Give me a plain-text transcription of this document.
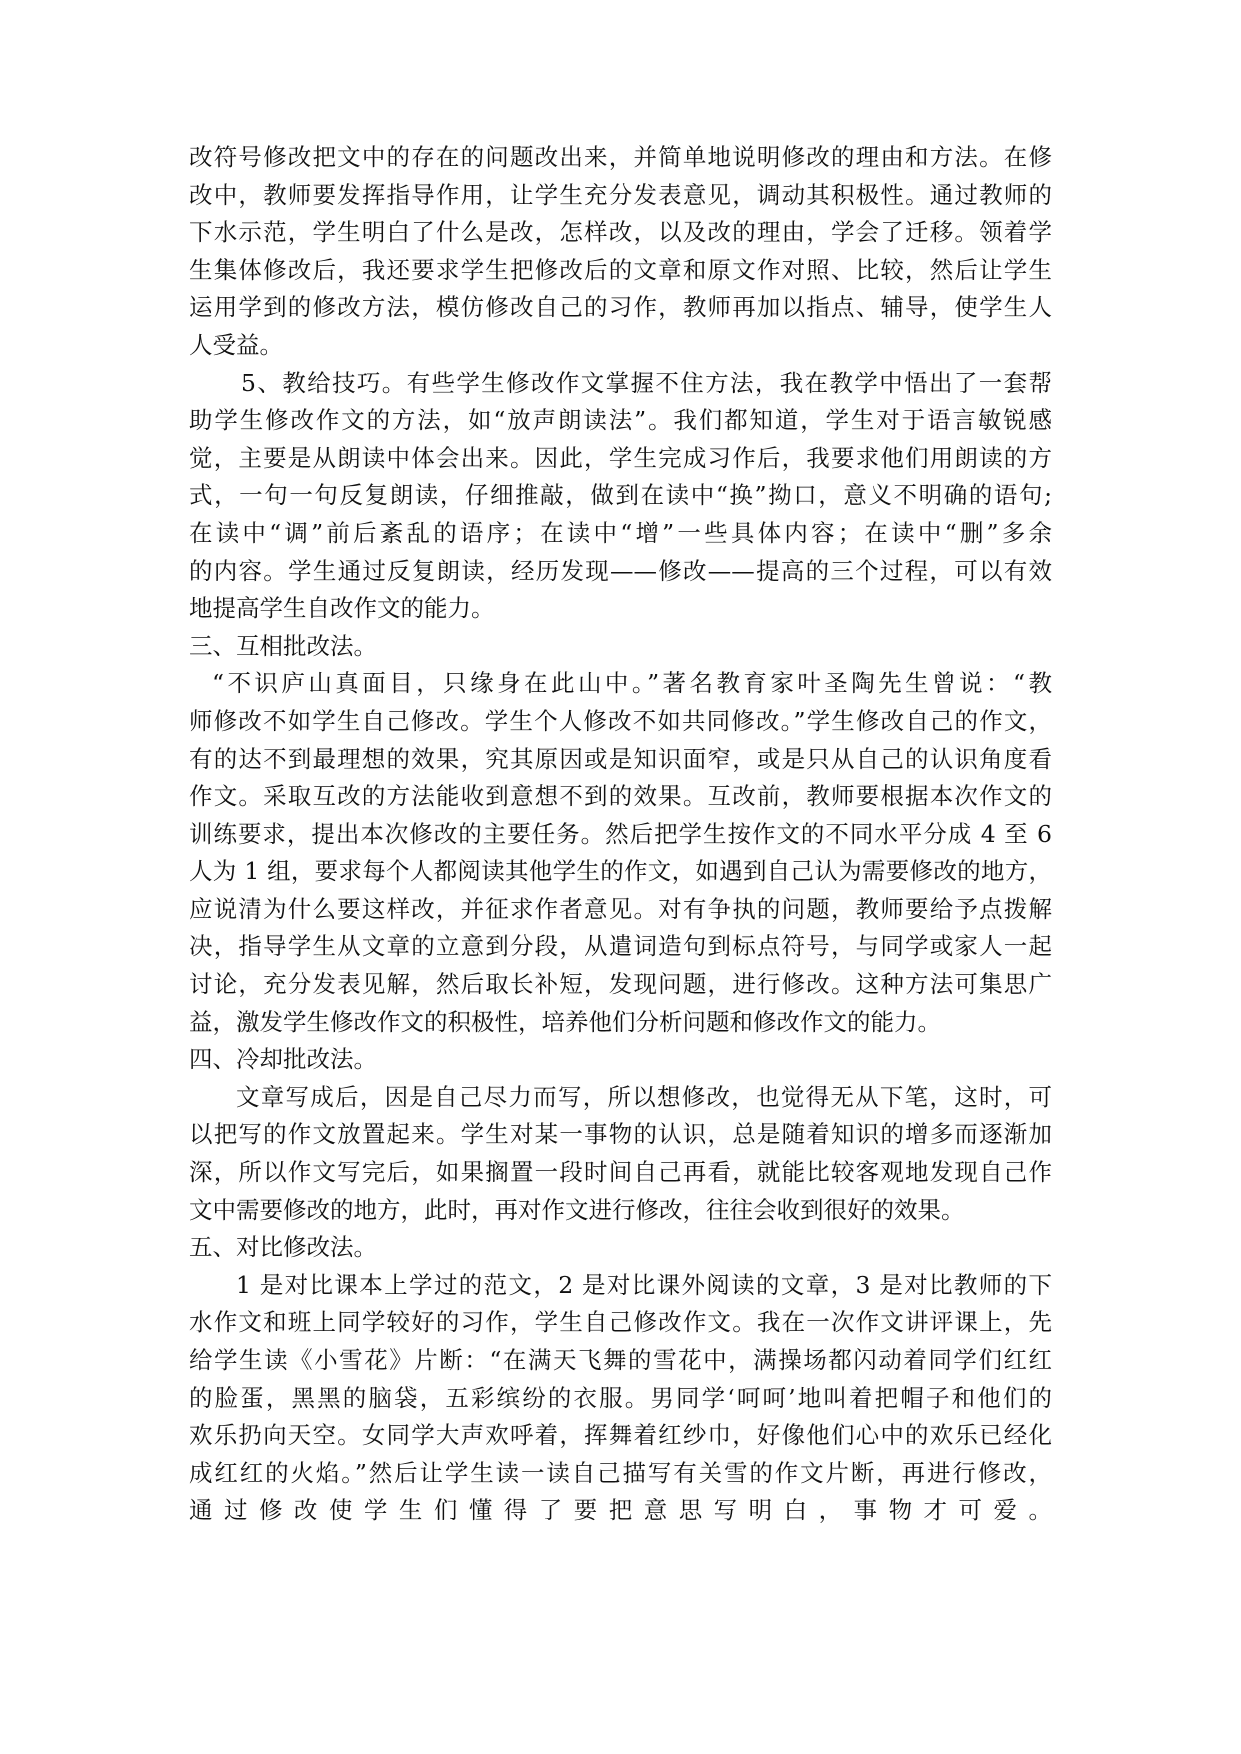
改符号修改把文中的存在的问题改出来，并简单地说明修改的理由和方法。在修
改中，教师要发挥指导作用，让学生充分发表意见，调动其积极性。通过教师的
下水示范，学生明白了什么是改，怎样改，以及改的理由，学会了迁移。领着学
生集体修改后，我还要求学生把修改后的文章和原文作对照、比较，然后让学生
运用学到的修改方法，模仿修改自己的习作，教师再加以指点、辅导，使学生人
人受益。
5、教给技巧。有些学生修改作文掌握不住方法，我在教学中悟出了一套帮
助学生修改作文的方法，如“放声朗读法”。我们都知道，学生对于语言敏锐感
觉，主要是从朗读中体会出来。因此，学生完成习作后，我要求他们用朗读的方
式，一句一句反复朗读，仔细推敲，做到在读中“换”拗口，意义不明确的语句;
在读中“调”前后紊乱的语序；在读中“增”一些具体内容；在读中“删”多余
的内容。学生通过反复朗读，经历发现——修改——提高的三个过程，可以有效
地提高学生自改作文的能力。
三、互相批改法。
“不识庐山真面目，只缘身在此山中。”著名教育家叶圣陶先生曾说：“教
师修改不如学生自己修改。学生个人修改不如共同修改。”学生修改自己的作文，
有的达不到最理想的效果，究其原因或是知识面窄，或是只从自己的认识角度看
作文。采取互改的方法能收到意想不到的效果。互改前，教师要根据本次作文的
训练要求，提出本次修改的主要任务。然后把学生按作文的不同水平分成 4 至 6
人为 1 组，要求每个人都阅读其他学生的作文，如遇到自己认为需要修改的地方，
应说清为什么要这样改，并征求作者意见。对有争执的问题，教师要给予点拨解
决，指导学生从文章的立意到分段，从遣词造句到标点符号，与同学或家人一起
讨论，充分发表见解，然后取长补短，发现问题，进行修改。这种方法可集思广
益，激发学生修改作文的积极性，培养他们分析问题和修改作文的能力。
四、冷却批改法。
文章写成后，因是自己尽力而写，所以想修改，也觉得无从下笔，这时，可
以把写的作文放置起来。学生对某一事物的认识，总是随着知识的增多而逐渐加
深，所以作文写完后，如果搁置一段时间自己再看，就能比较客观地发现自己作
文中需要修改的地方，此时，再对作文进行修改，往往会收到很好的效果。
五、对比修改法。
1 是对比课本上学过的范文，2 是对比课外阅读的文章，3 是对比教师的下
水作文和班上同学较好的习作，学生自己修改作文。我在一次作文讲评课上，先
给学生读《小雪花》片断：“在满天飞舞的雪花中，满操场都闪动着同学们红红
的脸蛋，黑黑的脑袋，五彩缤纷的衣服。男同学‘呵呵’地叫着把帽子和他们的
欢乐扔向天空。女同学大声欢呼着，挥舞着红纱巾，好像他们心中的欢乐已经化
成红红的火焰。”然后让学生读一读自己描写有关雪的作文片断，再进行修改，
通过修改使学生们懂得了要把意思写明白，事物才可爱。
